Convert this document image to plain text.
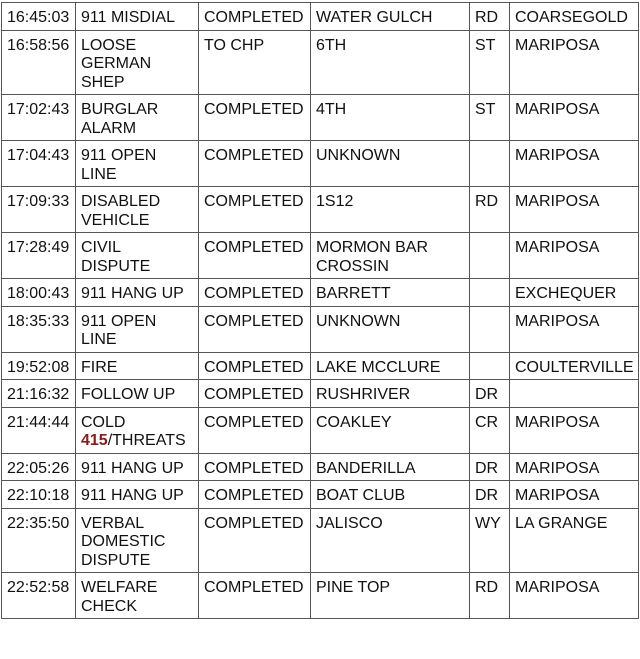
16:45:03	911 MISDIAL	COMPLETED	WATER GULCH	RD	COARSEGOLD
16:58:56	LOOSE
GERMAN
SHEP	TO CHP	6TH	ST	MARIPOSA
17:02:43	BURGLAR
ALARM	COMPLETED	4TH	ST	MARIPOSA
17:04:43	911 OPEN
LINE	COMPLETED	UNKNOWN		MARIPOSA
17:09:33	DISABLED
VEHICLE	COMPLETED	1S12	RD	MARIPOSA
17:28:49	CIVIL
DISPUTE	COMPLETED	MORMON BAR
CROSSIN		MARIPOSA
18:00:43	911 HANG UP	COMPLETED	BARRETT		EXCHEQUER
18:35:33	911 OPEN
LINE	COMPLETED	UNKNOWN		MARIPOSA
19:52:08	FIRE	COMPLETED	LAKE MCCLURE		COULTERVILLE
21:16:32	FOLLOW UP	COMPLETED	RUSHRIVER	DR	
21:44:44	COLD
415/THREATS	COMPLETED	COAKLEY	CR	MARIPOSA
22:05:26	911 HANG UP	COMPLETED	BANDERILLA	DR	MARIPOSA
22:10:18	911 HANG UP	COMPLETED	BOAT CLUB	DR	MARIPOSA
22:35:50	VERBAL
DOMESTIC
DISPUTE	COMPLETED	JALISCO	WY	LA GRANGE
22:52:58	WELFARE
CHECK	COMPLETED	PINE TOP	RD	MARIPOSA
